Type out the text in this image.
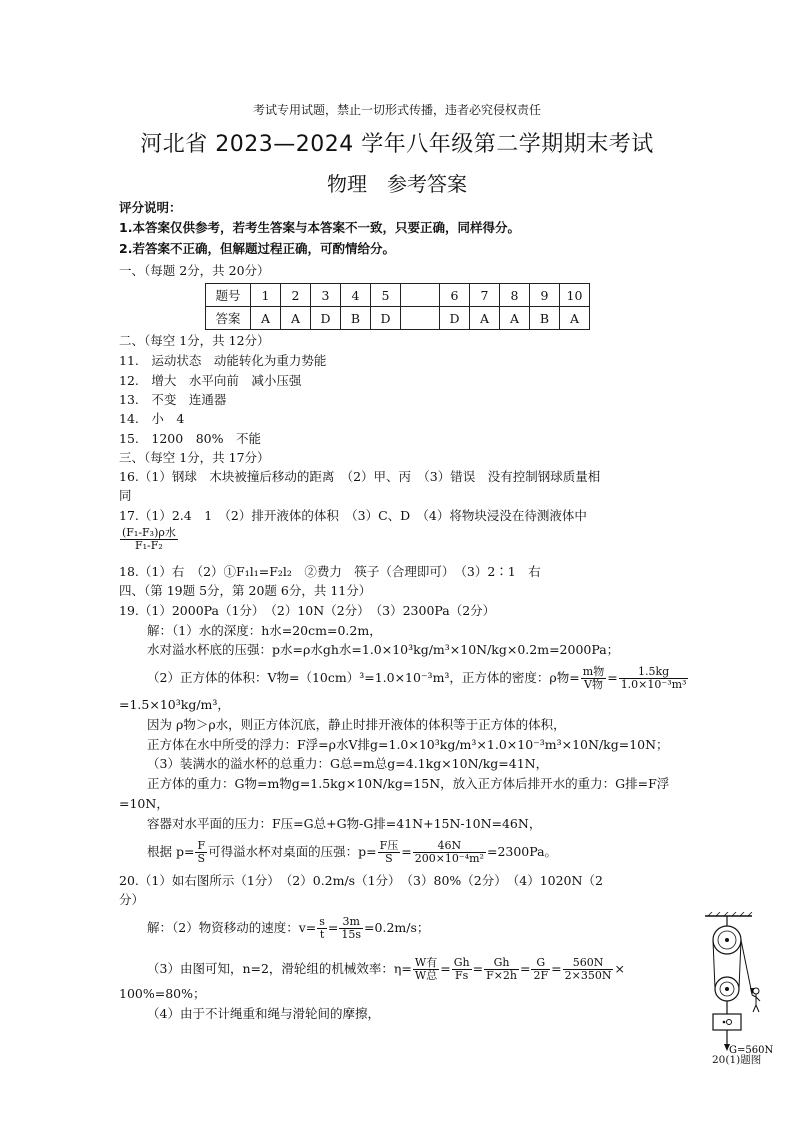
考试专用试题，禁止一切形式传播，违者必究侵权责任
河北省 2023—2024 学年八年级第二学期期末考试
物理　参考答案
评分说明：
1.本答案仅供参考，若考生答案与本答案不一致，只要正确，同样得分。
2.若答案不正确，但解题过程正确，可酌情给分。
一、（每题 2分，共 20分）
题号	1	2	3	4	5		6	7	8	9	10
答案	A	A	D	B	D		D	A	A	B	A
二、（每空 1分，共 12分）
11.　运动状态　动能转化为重力势能
12.　增大　水平向前　减小压强
13.　不变　连通器
14.　小　4
15.　1200　80%　不能
三、（每空 1分，共 17分）
16.（1）钢球　木块被撞后移动的距离　（2）甲、丙　（3）错误　没有控制钢球质量相
同
17.（1）2.4　1　（2）排开液体的体积　（3）C、D　（4）将物块浸没在待测液体中
$\frac{\text{(F₁-F₃)ρ水}}{\text{F₁-F₂}}$
18.（1）右　（2）①F₁l₁=F₂l₂　②费力　筷子（合理即可）　（3）2∶1　右
四、（第 19题 5分，第 20题 6分，共 11分）
19.（1）2000Pa（1分）　（2）10N（2分）　（3）2300Pa（2分）
解：（1）水的深度：h水=20cm=0.2m，
水对溢水杯底的压强：p水=ρ水gh水=1.0×10³kg/m³×10N/kg×0.2m=2000Pa；
（2）正方体的体积：V物=（10cm）³=1.0×10⁻³m³，正方体的密度：ρ物= $\frac{\text{m物}}{\text{V物}} = \frac{1.5kg}{\text{1.0×10⁻³m³}}$
=1.5×10³kg/m³，
因为 ρ物＞ρ水，则正方体沉底，静止时排开液体的体积等于正方体的体积，
正方体在水中所受的浮力：F浮=ρ水V排g=1.0×10³kg/m³×1.0×10⁻³m³×10N/kg=10N；
（3）装满水的溢水杯的总重力：G总=m总g=4.1kg×10N/kg=41N，
正方体的重力：G物=m物g=1.5kg×10N/kg=15N，放入正方体后排开水的重力：G排=F浮
=10N，
容器对水平面的压力：F压=G总+G物-G排=41N+15N-10N=46N，
根据 $p= \frac{F}{S}$ 可得溢水杯对桌面的压强：$p= \frac{\text{F压}}{S} = \frac{46N}{\text{200×10⁻⁴m²}} =2300Pa$。
20.（1）如右图所示（1分）　（2）0.2m/s（1分）　（3）80%（2分）　（4）1020N（2
分）
解：（2）物资移动的速度：$v= \frac{s}{t} = \frac{3m}{15s} =0.2m/s$；
（3）由图可知，n=2，滑轮组的机械效率：$\eta= \frac{\text{W有}}{\text{W总}} = \frac{Gh}{Fs} = \frac{Gh}{F\times 2h} = \frac{G}{2F} = \frac{560N}{2\times 350N}$ ×
100%=80%；
（4）由于不计绳重和绳与滑轮间的摩擦，
G=560N
20(1)题图
